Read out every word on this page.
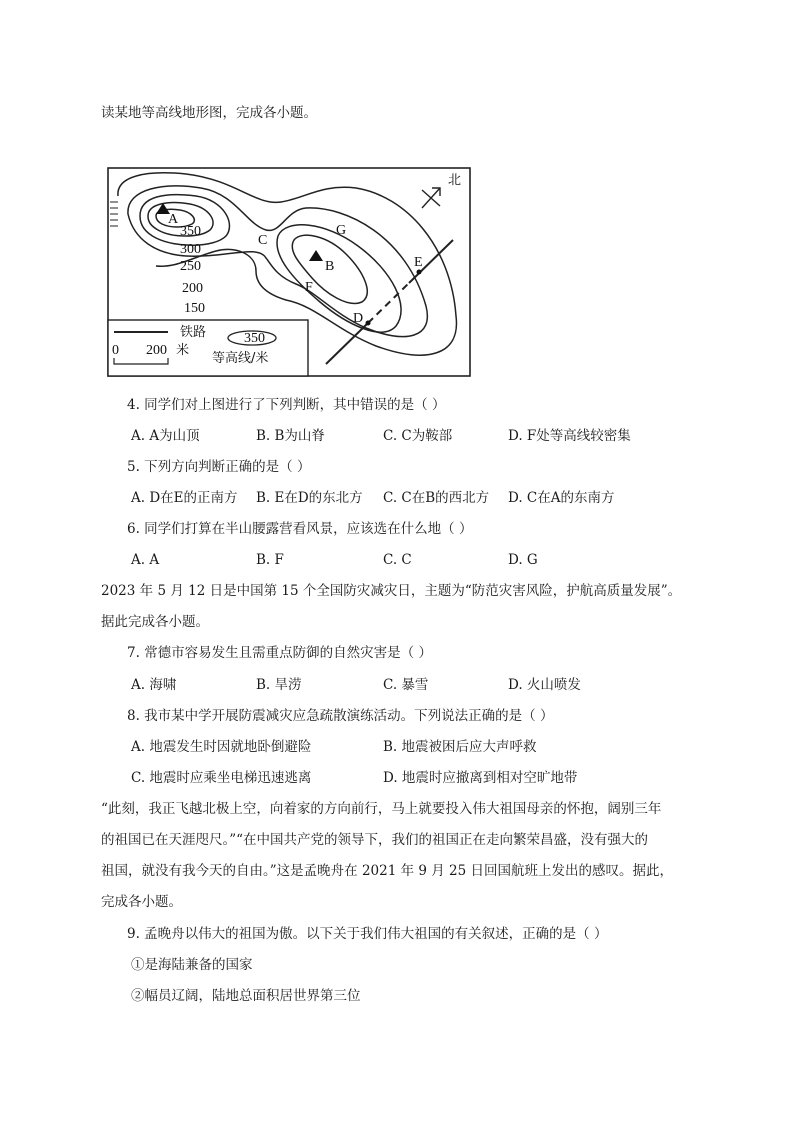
读某地等高线地形图，完成各小题。
北
A
B
C
G
E
F
D
350
300
250
200
150
铁路
0 200 米
350
等高线/米
4. 同学们对上图进行了下列判断，其中错误的是（ ）
A. A为山顶	B. B为山脊	C. C为鞍部	D. F处等高线较密集
5. 下列方向判断正确的是（ ）
A. D在E的正南方 B. E在D的东北方 C. C在B的西北方 D. C在A的东南方
6. 同学们打算在半山腰露营看风景，应该选在什么地（ ）
A. A	B. F	C. C	D. G
2023 年 5 月 12 日是中国第 15 个全国防灾减灾日，主题为“防范灾害风险，护航高质量发展”。
据此完成各小题。
7. 常德市容易发生且需重点防御的自然灾害是（ ）
A. 海啸	B. 旱涝	C. 暴雪	D. 火山喷发
8. 我市某中学开展防震减灾应急疏散演练活动。下列说法正确的是（ ）
A. 地震发生时因就地卧倒避险	B. 地震被困后应大声呼救
C. 地震时应乘坐电梯迅速逃离	D. 地震时应撤离到相对空旷地带
“此刻，我正飞越北极上空，向着家的方向前行，马上就要投入伟大祖国母亲的怀抱，阔别三年
的祖国已在天涯咫尺。”“在中国共产党的领导下，我们的祖国正在走向繁荣昌盛，没有强大的
祖国，就没有我今天的自由。”这是孟晚舟在 2021 年 9 月 25 日回国航班上发出的感叹。据此，
完成各小题。
9. 孟晚舟以伟大的祖国为傲。以下关于我们伟大祖国的有关叙述，正确的是（ ）
①是海陆兼备的国家
②幅员辽阔，陆地总面积居世界第三位
